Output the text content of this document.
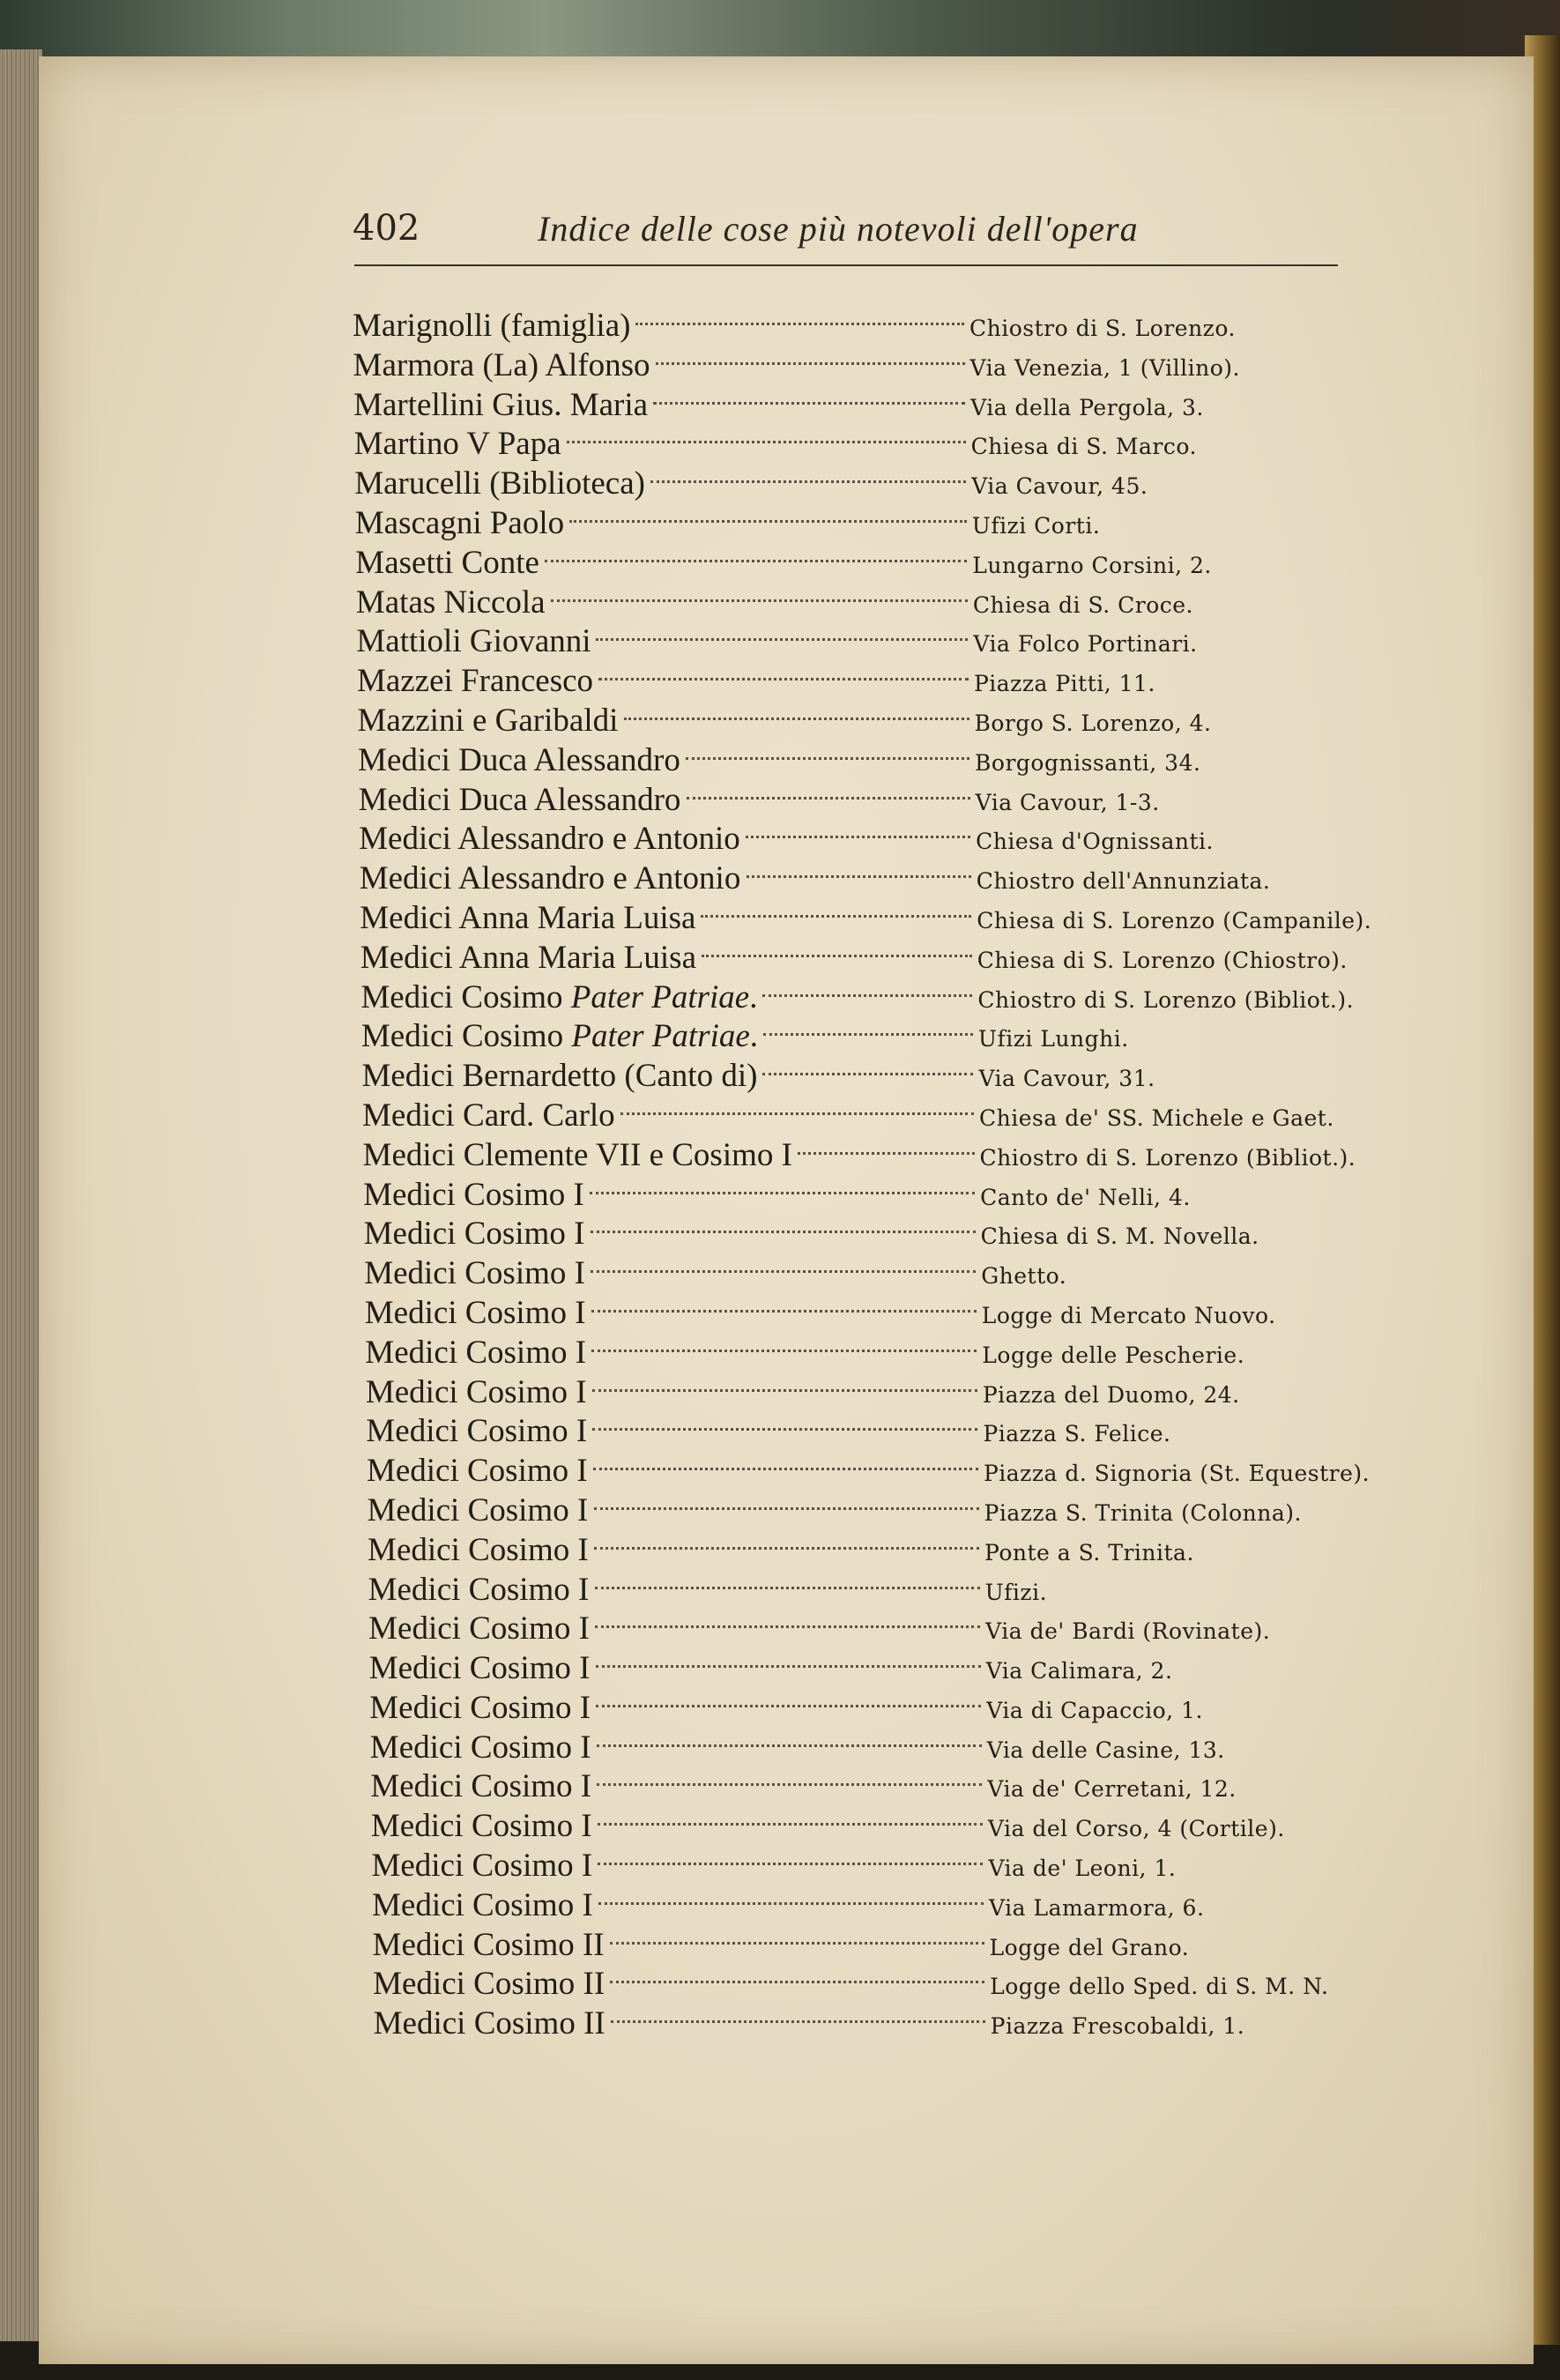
402	Indice delle cose più notevoli dell'opera
Marignolli (famiglia)	Chiostro di S. Lorenzo.
Marmora (La) Alfonso	Via Venezia, 1 (Villino).
Martellini Gius. Maria	Via della Pergola, 3.
Martino V Papa	Chiesa di S. Marco.
Marucelli (Biblioteca)	Via Cavour, 45.
Mascagni Paolo	Ufizi Corti.
Masetti Conte	Lungarno Corsini, 2.
Matas Niccola	Chiesa di S. Croce.
Mattioli Giovanni	Via Folco Portinari.
Mazzei Francesco	Piazza Pitti, 11.
Mazzini e Garibaldi	Borgo S. Lorenzo, 4.
Medici Duca Alessandro	Borgognissanti, 34.
Medici Duca Alessandro	Via Cavour, 1-3.
Medici Alessandro e Antonio	Chiesa d'Ognissanti.
Medici Alessandro e Antonio	Chiostro dell'Annunziata.
Medici Anna Maria Luisa	Chiesa di S. Lorenzo (Campanile).
Medici Anna Maria Luisa	Chiesa di S. Lorenzo (Chiostro).
Medici Cosimo Pater Patriae.	Chiostro di S. Lorenzo (Bibliot.).
Medici Cosimo Pater Patriae.	Ufizi Lunghi.
Medici Bernardetto (Canto di)	Via Cavour, 31.
Medici Card. Carlo	Chiesa de' SS. Michele e Gaet.
Medici Clemente VII e Cosimo I	Chiostro di S. Lorenzo (Bibliot.).
Medici Cosimo I	Canto de' Nelli, 4.
Medici Cosimo I	Chiesa di S. M. Novella.
Medici Cosimo I	Ghetto.
Medici Cosimo I	Logge di Mercato Nuovo.
Medici Cosimo I	Logge delle Pescherie.
Medici Cosimo I	Piazza del Duomo, 24.
Medici Cosimo I	Piazza S. Felice.
Medici Cosimo I	Piazza d. Signoria (St. Equestre).
Medici Cosimo I	Piazza S. Trinita (Colonna).
Medici Cosimo I	Ponte a S. Trinita.
Medici Cosimo I	Ufizi.
Medici Cosimo I	Via de' Bardi (Rovinate).
Medici Cosimo I	Via Calimara, 2.
Medici Cosimo I	Via di Capaccio, 1.
Medici Cosimo I	Via delle Casine, 13.
Medici Cosimo I	Via de' Cerretani, 12.
Medici Cosimo I	Via del Corso, 4 (Cortile).
Medici Cosimo I	Via de' Leoni, 1.
Medici Cosimo I	Via Lamarmora, 6.
Medici Cosimo II	Logge del Grano.
Medici Cosimo II	Logge dello Sped. di S. M. N.
Medici Cosimo II	Piazza Frescobaldi, 1.
